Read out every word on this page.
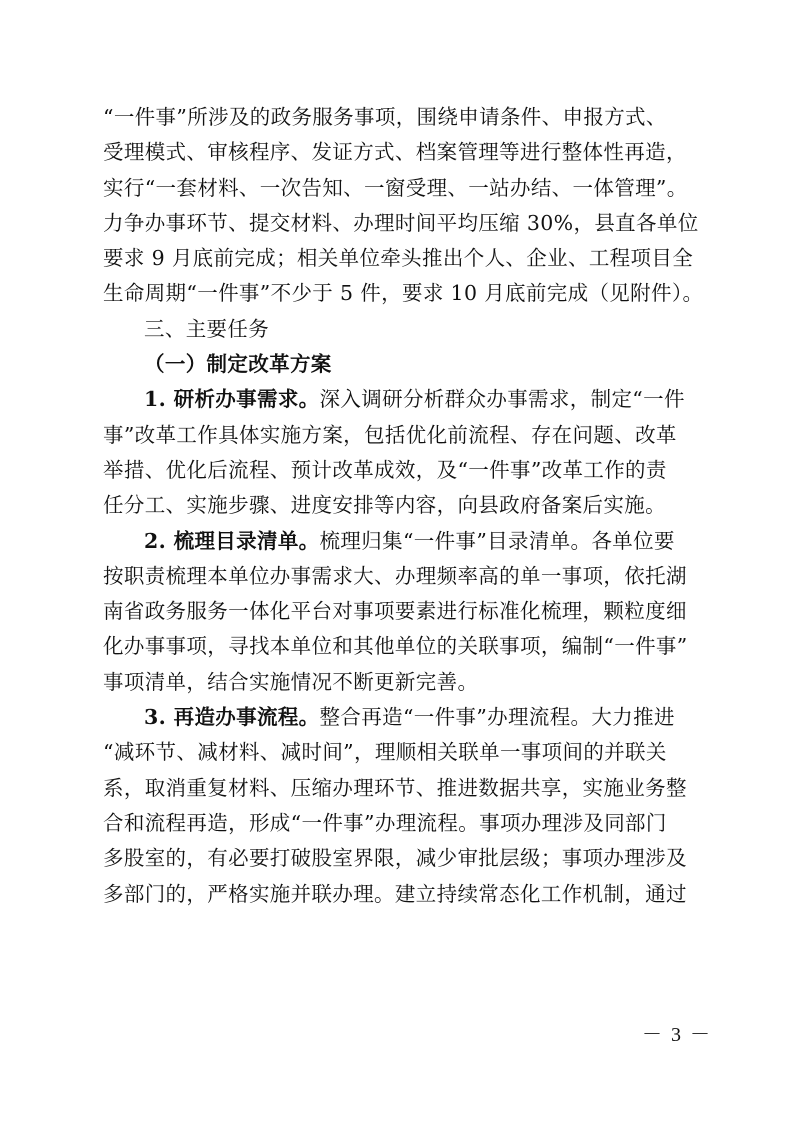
“一件事”所涉及的政务服务事项，围绕申请条件、申报方式、
受理模式、审核程序、发证方式、档案管理等进行整体性再造，
实行“一套材料、一次告知、一窗受理、一站办结、一体管理”。
力争办事环节、提交材料、办理时间平均压缩 30%，县直各单位
要求 9 月底前完成；相关单位牵头推出个人、企业、工程项目全
生命周期“一件事”不少于 5 件，要求 10 月底前完成（见附件）。
三、主要任务
（一）制定改革方案
1. 研析办事需求。深入调研分析群众办事需求，制定“一件
事”改革工作具体实施方案，包括优化前流程、存在问题、改革
举措、优化后流程、预计改革成效，及“一件事”改革工作的责
任分工、实施步骤、进度安排等内容，向县政府备案后实施。
2. 梳理目录清单。梳理归集“一件事”目录清单。各单位要
按职责梳理本单位办事需求大、办理频率高的单一事项，依托湖
南省政务服务一体化平台对事项要素进行标准化梳理，颗粒度细
化办事事项，寻找本单位和其他单位的关联事项，编制“一件事”
事项清单，结合实施情况不断更新完善。
3. 再造办事流程。整合再造“一件事”办理流程。大力推进
“减环节、减材料、减时间”，理顺相关联单一事项间的并联关
系，取消重复材料、压缩办理环节、推进数据共享，实施业务整
合和流程再造，形成“一件事”办理流程。事项办理涉及同部门
多股室的，有必要打破股室界限，减少审批层级；事项办理涉及
多部门的，严格实施并联办理。建立持续常态化工作机制，通过
－ 3 －
